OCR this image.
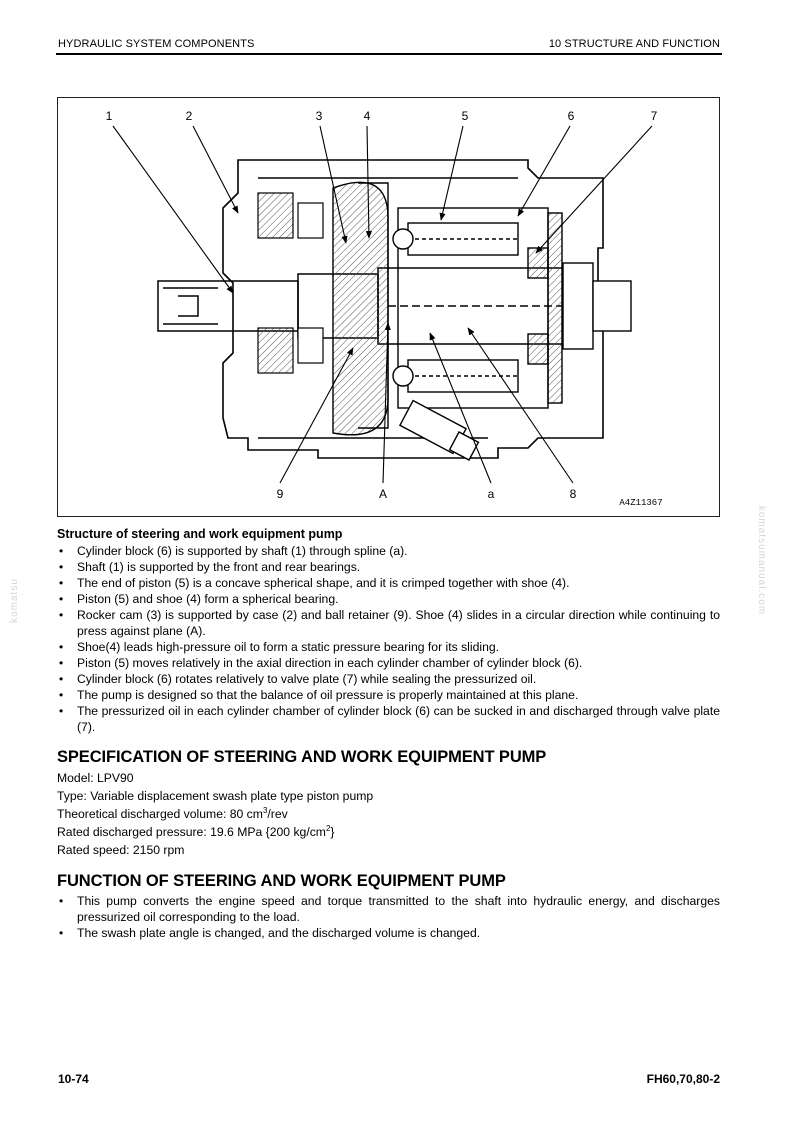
HYDRAULIC SYSTEM COMPONENTS	10 STRUCTURE AND FUNCTION
komatsu	komatsumanual.com
1	2	3	4	5	6	7
9	A	a	8
A4Z11367
Structure of steering and work equipment pump
• Cylinder block (6) is supported by shaft (1) through spline (a).
• Shaft (1) is supported by the front and rear bearings.
• The end of piston (5) is a concave spherical shape, and it is crimped together with shoe (4).
• Piston (5) and shoe (4) form a spherical bearing.
• Rocker cam (3) is supported by case (2) and ball retainer (9). Shoe (4) slides in a circular direction while continuing to press against plane (A).
• Shoe(4) leads high-pressure oil to form a static pressure bearing for its sliding.
• Piston (5) moves relatively in the axial direction in each cylinder chamber of cylinder block (6).
• Cylinder block (6) rotates relatively to valve plate (7) while sealing the pressurized oil.
• The pump is designed so that the balance of oil pressure is properly maintained at this plane.
• The pressurized oil in each cylinder chamber of cylinder block (6) can be sucked in and discharged through valve plate (7).
SPECIFICATION OF STEERING AND WORK EQUIPMENT PUMP

Model: LPV90

Type: Variable displacement swash plate type piston pump

Theoretical discharged volume: 80 $cm^3$/rev

Rated discharged pressure: 19.6 MPa {200 $kg/cm^2$}

Rated speed: 2150 rpm

FUNCTION OF STEERING AND WORK EQUIPMENT PUMP
• This pump converts the engine speed and torque transmitted to the shaft into hydraulic energy, and discharges pressurized oil corresponding to the load.
• The swash plate angle is changed, and the discharged volume is changed.
10-74	FH60,70,80-2
